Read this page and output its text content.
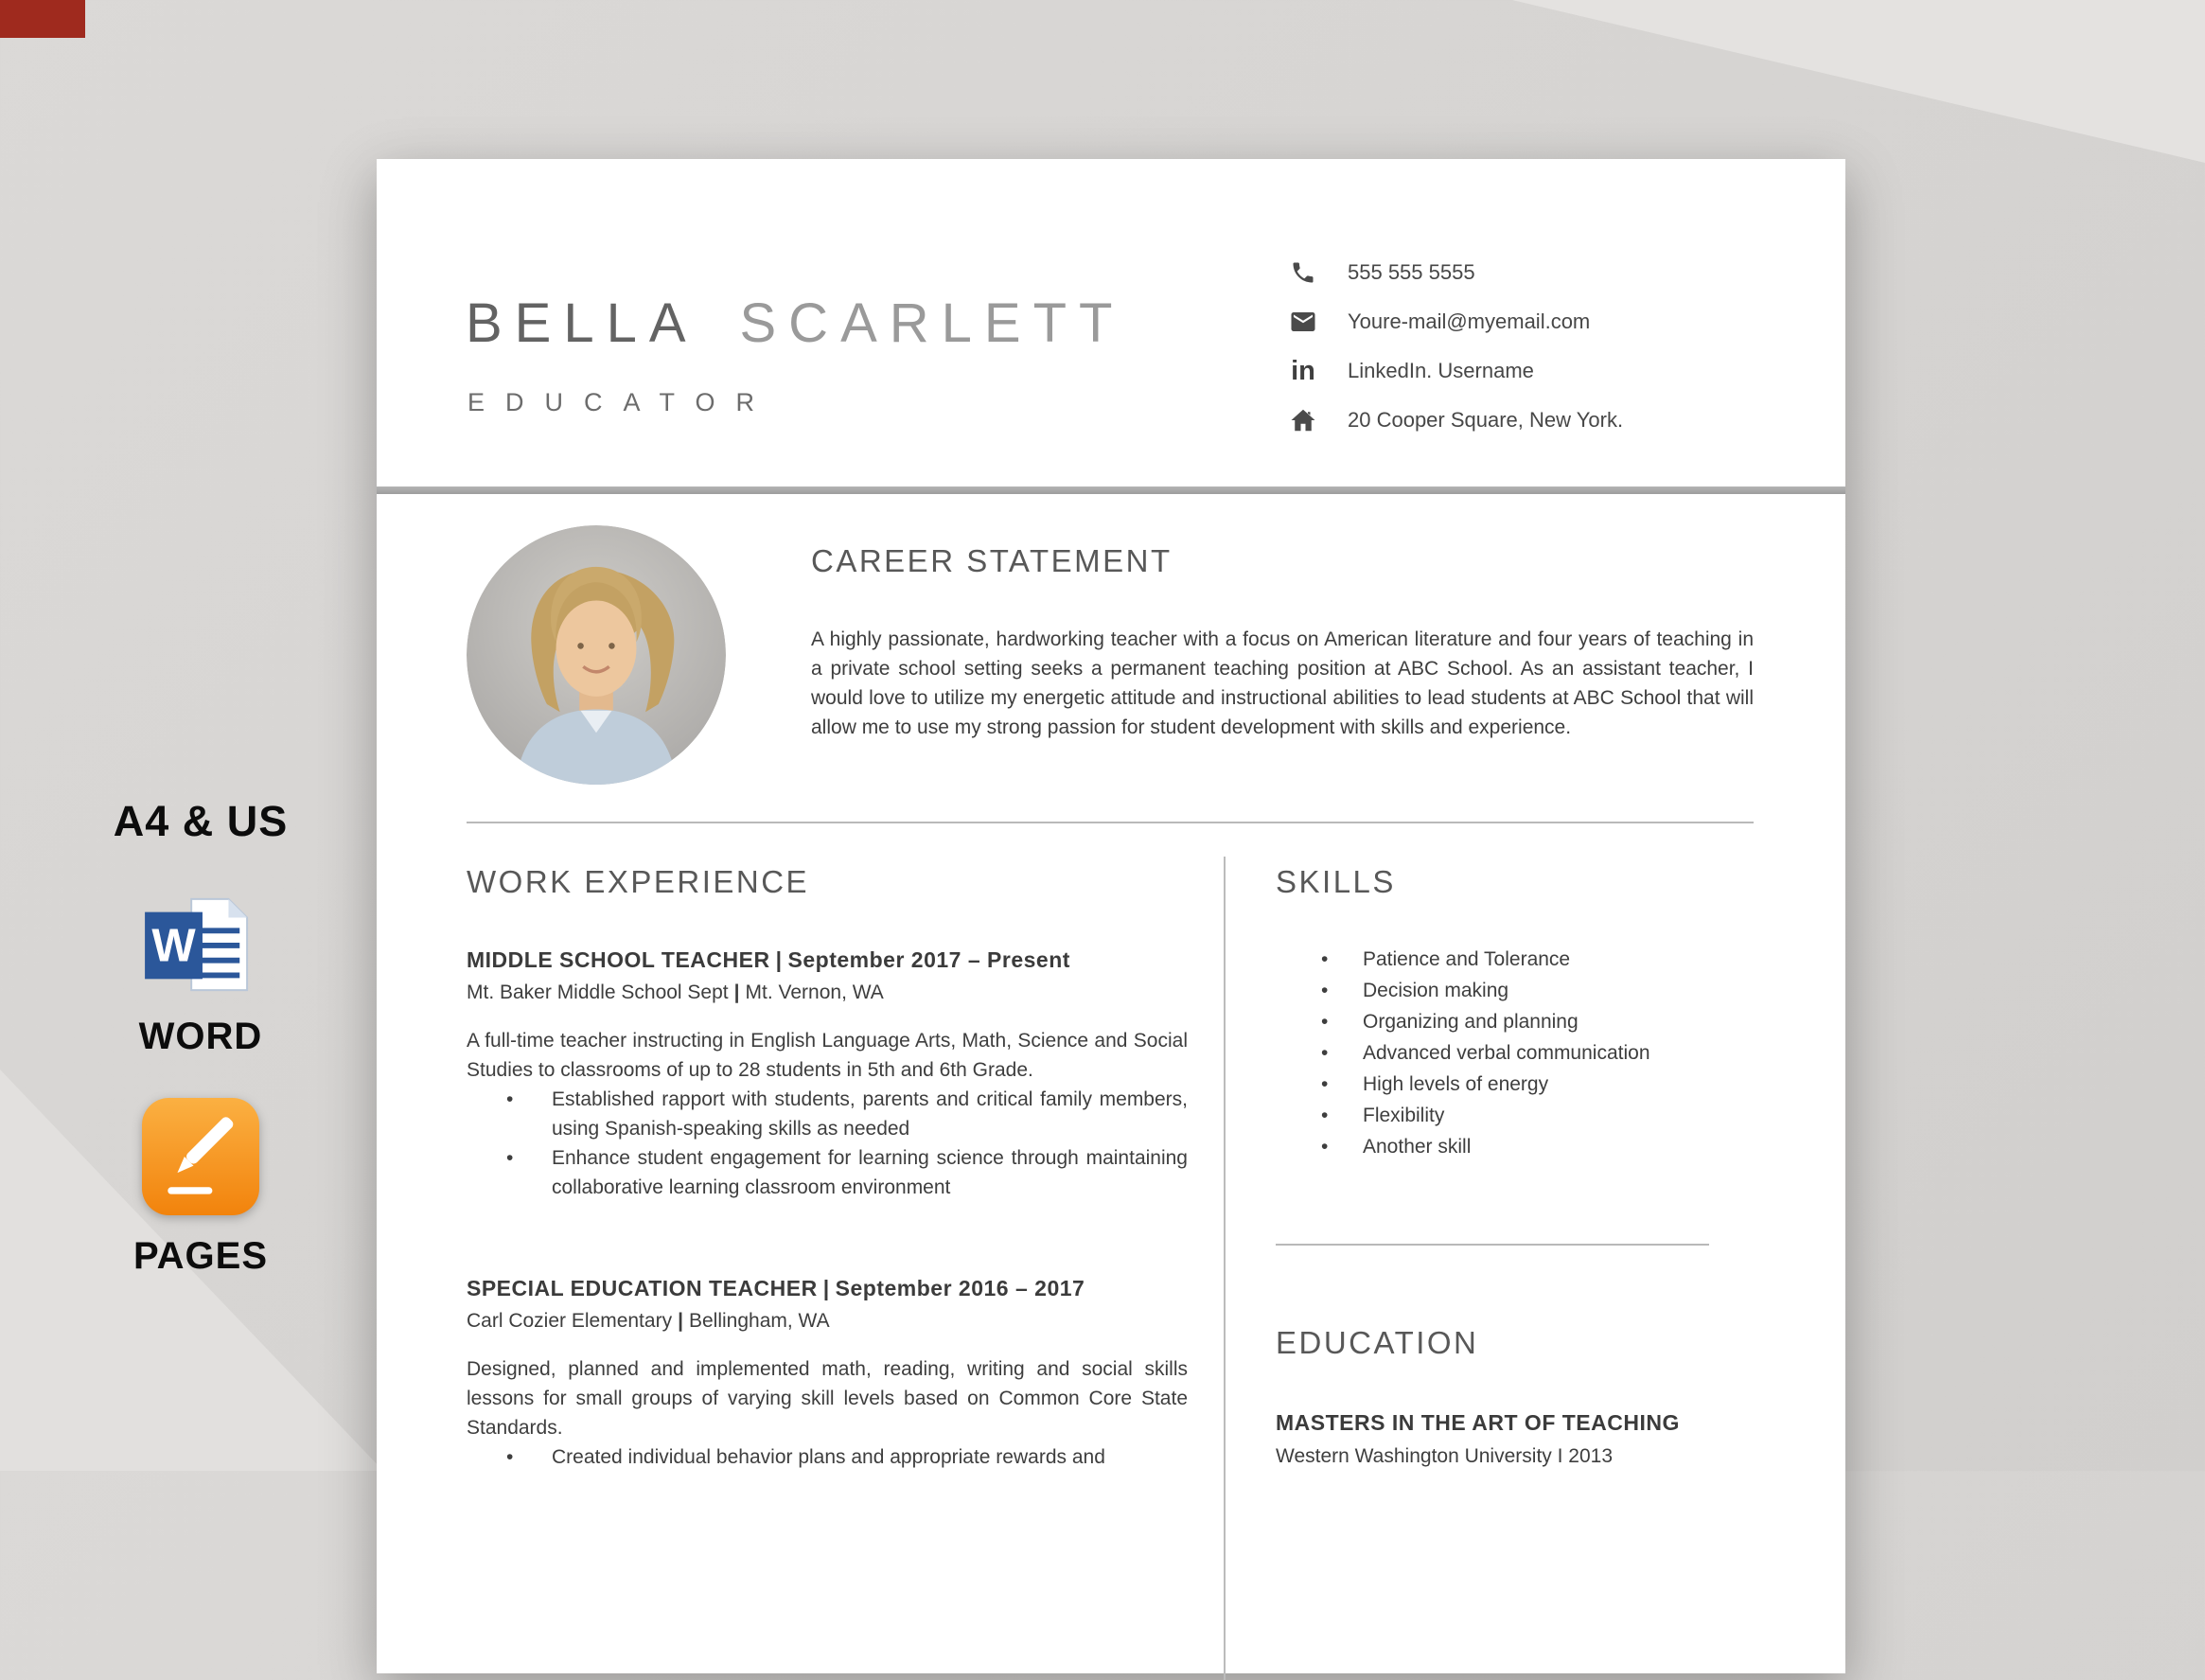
A4 & US
W
WORD
PAGES
BELLA SCARLETT
EDUCATOR
555 555 5555
Youre-mail@myemail.com
in
LinkedIn. Username
20 Cooper Square, New York.
CAREER STATEMENT

A highly passionate, hardworking teacher with a focus on American literature and four years of teaching in a private school setting seeks a permanent teaching position at ABC School. As an assistant teacher, I would love to utilize my energetic attitude and instructional abilities to lead students at ABC School that will allow me to use my strong passion for student development with skills and experience.

WORK EXPERIENCE
MIDDLE SCHOOL TEACHER | September 2017 – Present
Mt. Baker Middle School Sept | Mt. Vernon, WA

A full-time teacher instructing in English Language Arts, Math, Science and Social Studies to classrooms of up to 28 students in 5th and 6th Grade.

• Established rapport with students, parents and critical family members, using Spanish-speaking skills as needed
• Enhance student engagement for learning science through maintaining collaborative learning classroom environment
SPECIAL EDUCATION TEACHER | September 2016 – 2017
Carl Cozier Elementary | Bellingham, WA

Designed, planned and implemented math, reading, writing and social skills lessons for small groups of varying skill levels based on Common Core State Standards.

• Created individual behavior plans and appropriate rewards and
SKILLS
• Patience and Tolerance
• Decision making
• Organizing and planning
• Advanced verbal communication
• High levels of energy
• Flexibility
• Another skill
EDUCATION
MASTERS IN THE ART OF TEACHING
Western Washington University I 2013
